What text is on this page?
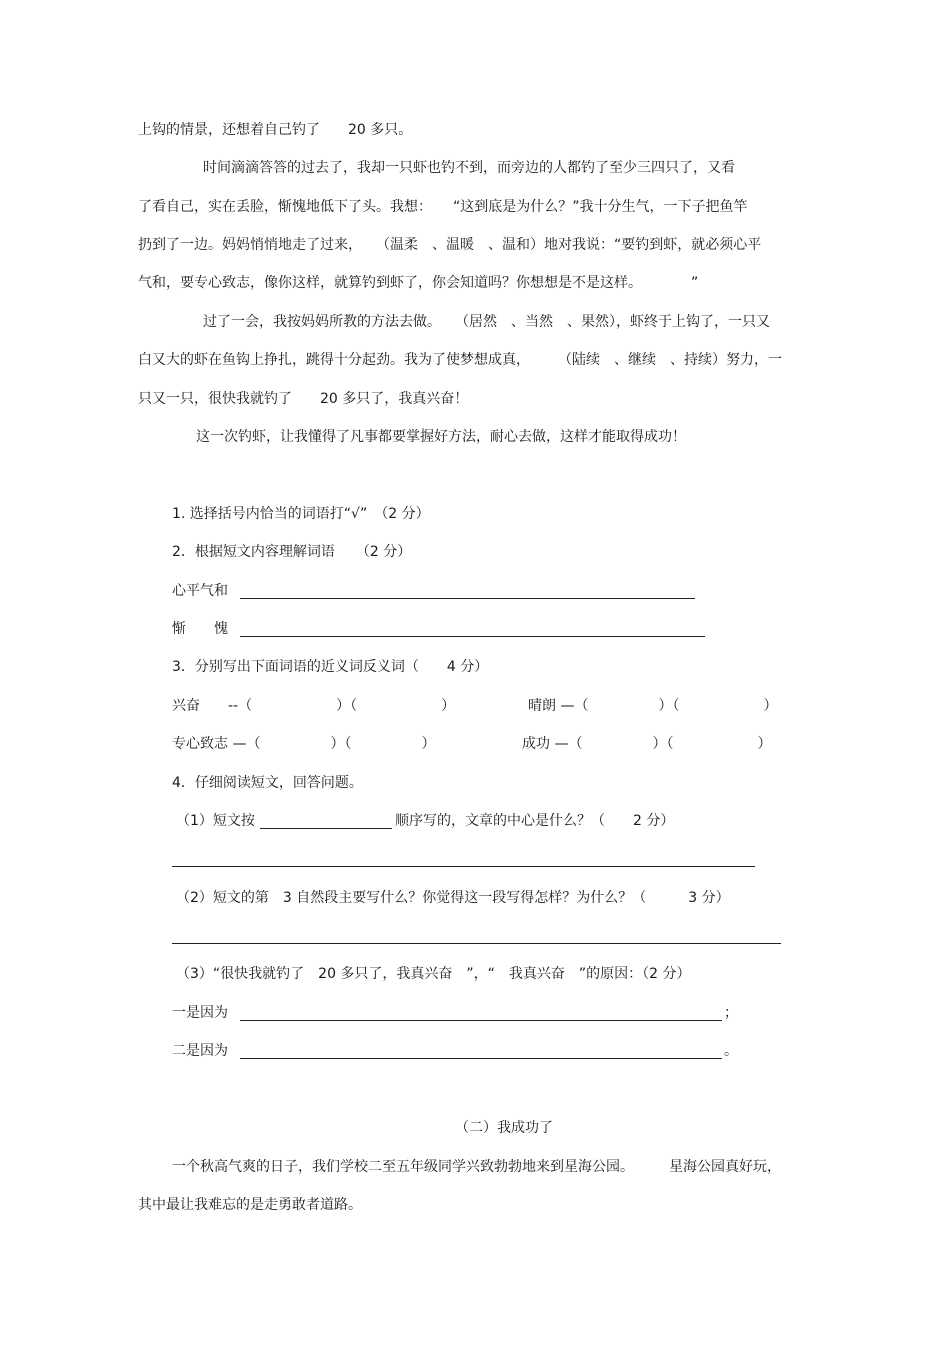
上钩的情景，还想着自己钓了　　20 多只。
时间滴滴答答的过去了，我却一只虾也钓不到，而旁边的人都钓了至少三四只了，又看
了看自己，实在丢脸，惭愧地低下了头。我想：　　“这到底是为什么？”我十分生气，一下子把鱼竿
扔到了一边。妈妈悄悄地走了过来，　　（温柔　、温暖　、温和）地对我说：“要钓到虾，就必须心平
气和，要专心致志，像你这样，就算钓到虾了，你会知道吗？你想想是不是这样。　　　　”
过了一会，我按妈妈所教的方法去做。　　（居然　、当然　、果然），虾终于上钩了，一只又
白又大的虾在鱼钩上挣扎，跳得十分起劲。我为了使梦想成真，　　　（陆续　、继续　、持续）努力，一
只又一只，很快我就钓了　　20 多只了，我真兴奋！
这一次钓虾，让我懂得了凡事都要掌握好方法，耐心去做，这样才能取得成功！
1. 选择括号内恰当的词语打“√”　（2 分）
2．根据短文内容理解词语　　（2 分）
心平气和
惭　　愧
3．分别写出下面词语的近义词反义词（　　4 分）
兴奋　　--（　　　　　　）（　　　　　　）	晴朗 —（　　　　　）（　　　　　　）
专心致志 —（　　　　　）（　　　　　）	成功 —（　　　　　）（　　　　　　）
4．仔细阅读短文，回答问题。
（1）短文按	顺序写的，文章的中心是什么？（　　2 分）
（2）短文的第　3 自然段主要写什么？你觉得这一段写得怎样？为什么？（　　　3 分）
（3）“很快我就钓了　20 多只了，我真兴奋　”，“　我真兴奋　”的原因：（2 分）
一是因为	；
二是因为	。
（二）我成功了
一个秋高气爽的日子，我们学校二至五年级同学兴致勃勃地来到星海公园。　　　星海公园真好玩，
其中最让我难忘的是走勇敢者道路。
